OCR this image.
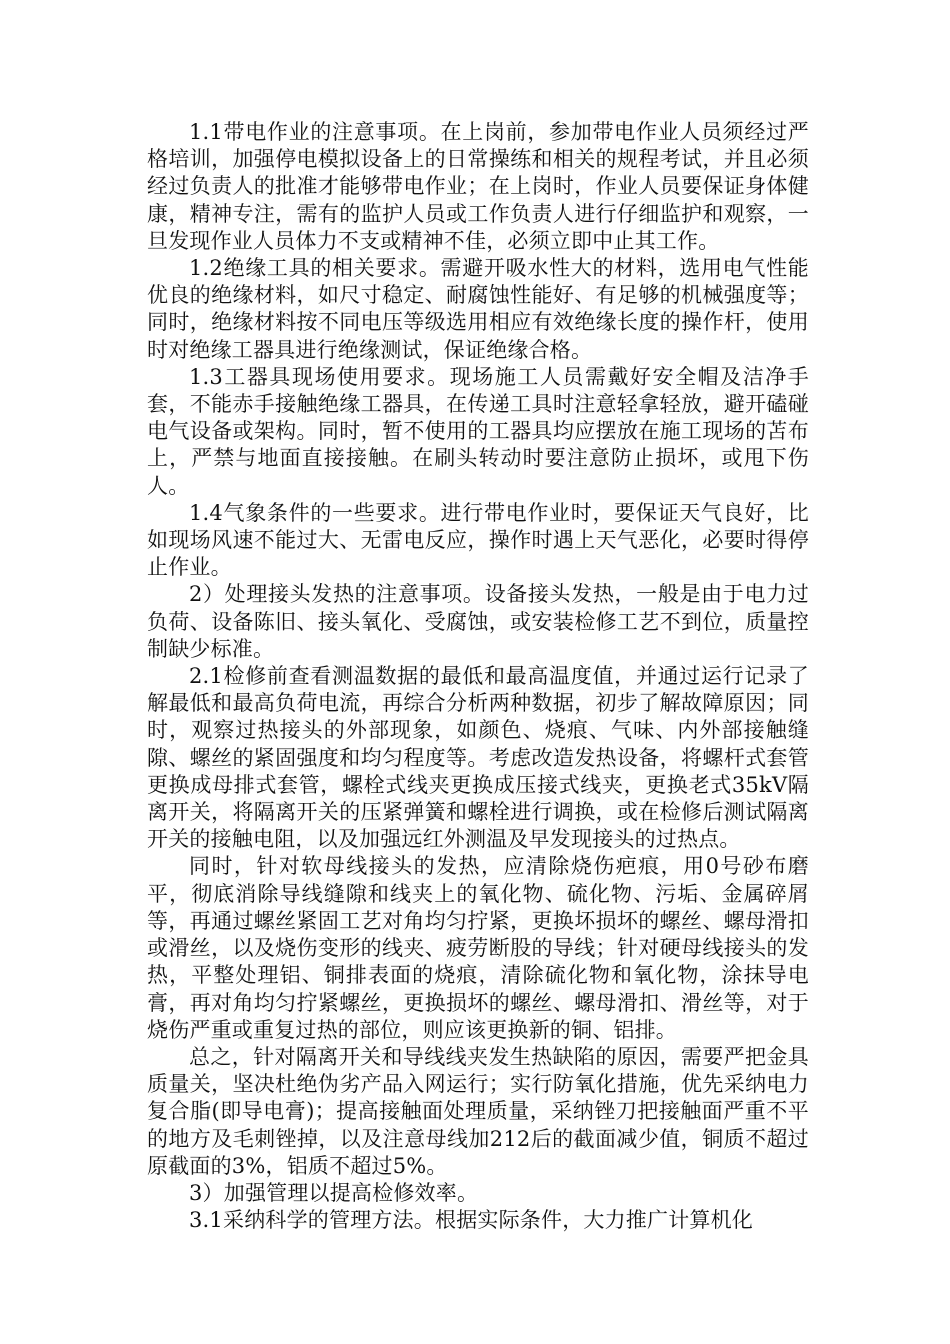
1.1带电作业的注意事项。在上岗前，参加带电作业人员须经过严格培训，加强停电模拟设备上的日常操练和相关的规程考试，并且必须经过负责人的批准才能够带电作业；在上岗时，作业人员要保证身体健康，精神专注，需有的监护人员或工作负责人进行仔细监护和观察，一旦发现作业人员体力不支或精神不佳，必须立即中止其工作。

1.2绝缘工具的相关要求。需避开吸水性大的材料，选用电气性能优良的绝缘材料，如尺寸稳定、耐腐蚀性能好、有足够的机械强度等；同时，绝缘材料按不同电压等级选用相应有效绝缘长度的操作杆，使用时对绝缘工器具进行绝缘测试，保证绝缘合格。

1.3工器具现场使用要求。现场施工人员需戴好安全帽及洁净手套，不能赤手接触绝缘工器具，在传递工具时注意轻拿轻放，避开磕碰电气设备或架构。同时，暂不使用的工器具均应摆放在施工现场的苫布上，严禁与地面直接接触。在刷头转动时要注意防止损坏，或甩下伤人。

1.4气象条件的一些要求。进行带电作业时，要保证天气良好，比如现场风速不能过大、无雷电反应，操作时遇上天气恶化，必要时得停止作业。

2）处理接头发热的注意事项。设备接头发热，一般是由于电力过负荷、设备陈旧、接头氧化、受腐蚀，或安装检修工艺不到位，质量控制缺少标准。

2.1检修前查看测温数据的最低和最高温度值，并通过运行记录了解最低和最高负荷电流，再综合分析两种数据，初步了解故障原因；同时，观察过热接头的外部现象，如颜色、烧痕、气味、内外部接触缝隙、螺丝的紧固强度和均匀程度等。考虑改造发热设备，将螺杆式套管更换成母排式套管，螺栓式线夹更换成压接式线夹，更换老式35kV隔离开关，将隔离开关的压紧弹簧和螺栓进行调换，或在检修后测试隔离开关的接触电阻，以及加强远红外测温及早发现接头的过热点。

同时，针对软母线接头的发热，应清除烧伤疤痕，用0号砂布磨平，彻底消除导线缝隙和线夹上的氧化物、硫化物、污垢、金属碎屑等，再通过螺丝紧固工艺对角均匀拧紧，更换坏损坏的螺丝、螺母滑扣或滑丝，以及烧伤变形的线夹、疲劳断股的导线；针对硬母线接头的发热，平整处理铝、铜排表面的烧痕，清除硫化物和氧化物，涂抹导电膏，再对角均匀拧紧螺丝，更换损坏的螺丝、螺母滑扣、滑丝等，对于烧伤严重或重复过热的部位，则应该更换新的铜、铝排。

总之，针对隔离开关和导线线夹发生热缺陷的原因，需要严把金具质量关，坚决杜绝伪劣产品入网运行；实行防氧化措施，优先采纳电力复合脂(即导电膏)；提高接触面处理质量，采纳锉刀把接触面严重不平的地方及毛刺锉掉，以及注意母线加212后的截面减少值，铜质不超过原截面的3%，铝质不超过5%。

3）加强管理以提高检修效率。

3.1采纳科学的管理方法。根据实际条件，大力推广计算机化
